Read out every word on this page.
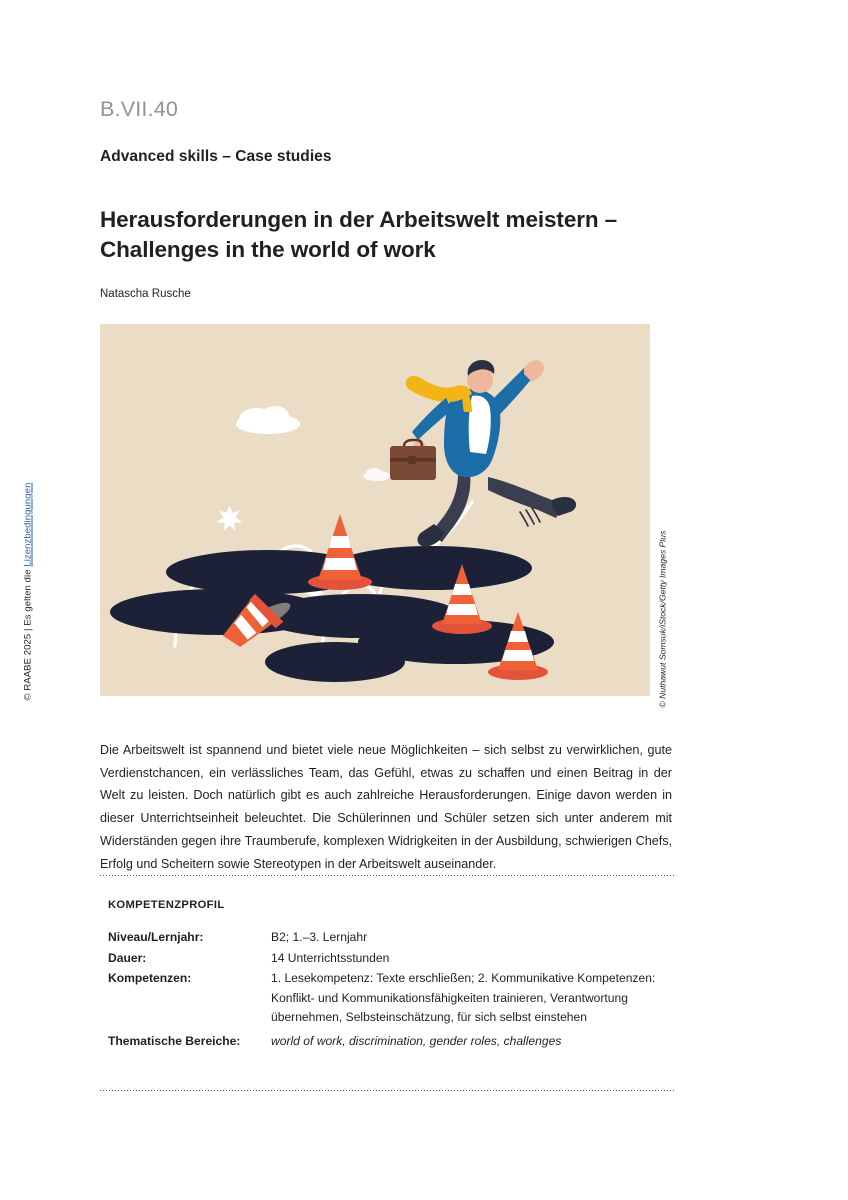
© RAABE 2025 | Es gelten die Lizenzbedingungen
© Nuthawut Somsuk/iStock/Getty Images Plus
B.VII.40
Advanced skills – Case studies
Herausforderungen in der Arbeitswelt meistern – Challenges in the world of work
Natascha Rusche

Die Arbeitswelt ist spannend und bietet viele neue Möglichkeiten – sich selbst zu verwirklichen, gute Verdienstchancen, ein verlässliches Team, das Gefühl, etwas zu schaffen und einen Beitrag in der Welt zu leisten. Doch natürlich gibt es auch zahlreiche Herausforderungen. Einige davon werden in dieser Unterrichtseinheit beleuchtet. Die Schülerinnen und Schüler setzen sich unter anderem mit Widerständen gegen ihre Traumberufe, komplexen Widrigkeiten in der Ausbildung, schwierigen Chefs, Erfolg und Scheitern sowie Stereotypen in der Arbeitswelt auseinander.

KOMPETENZPROFIL
Niveau/Lernjahr:	B2; 1.–3. Lernjahr
Dauer:	14 Unterrichtsstunden
Kompetenzen:	1. Lesekompetenz: Texte erschließen; 2. Kommunikative Kompetenzen: Konflikt- und Kommunikationsfähigkeiten trainieren, Verantwortung übernehmen, Selbsteinschätzung, für sich selbst einstehen
Thematische Bereiche:	world of work, discrimination, gender roles, challenges
